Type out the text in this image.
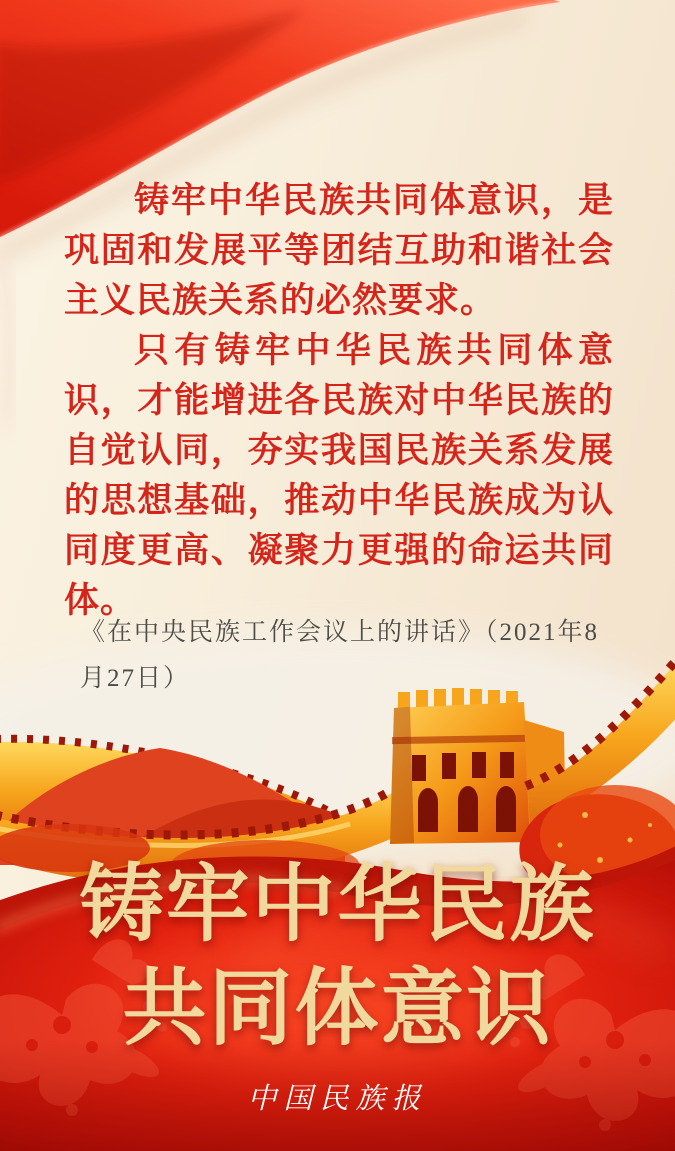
铸牢中华民族共同体意识，是巩固和发展平等团结互助和谐社会主义民族关系的必然要求。

只有铸牢中华民族共同体意识，才能增进各民族对中华民族的自觉认同，夯实我国民族关系发展的思想基础，推动中华民族成为认同度更高、凝聚力更强的命运共同体。

《在中央民族工作会议上的讲话》（2021年8月27日）
铸牢中华民族
共同体意识
中国民族报
